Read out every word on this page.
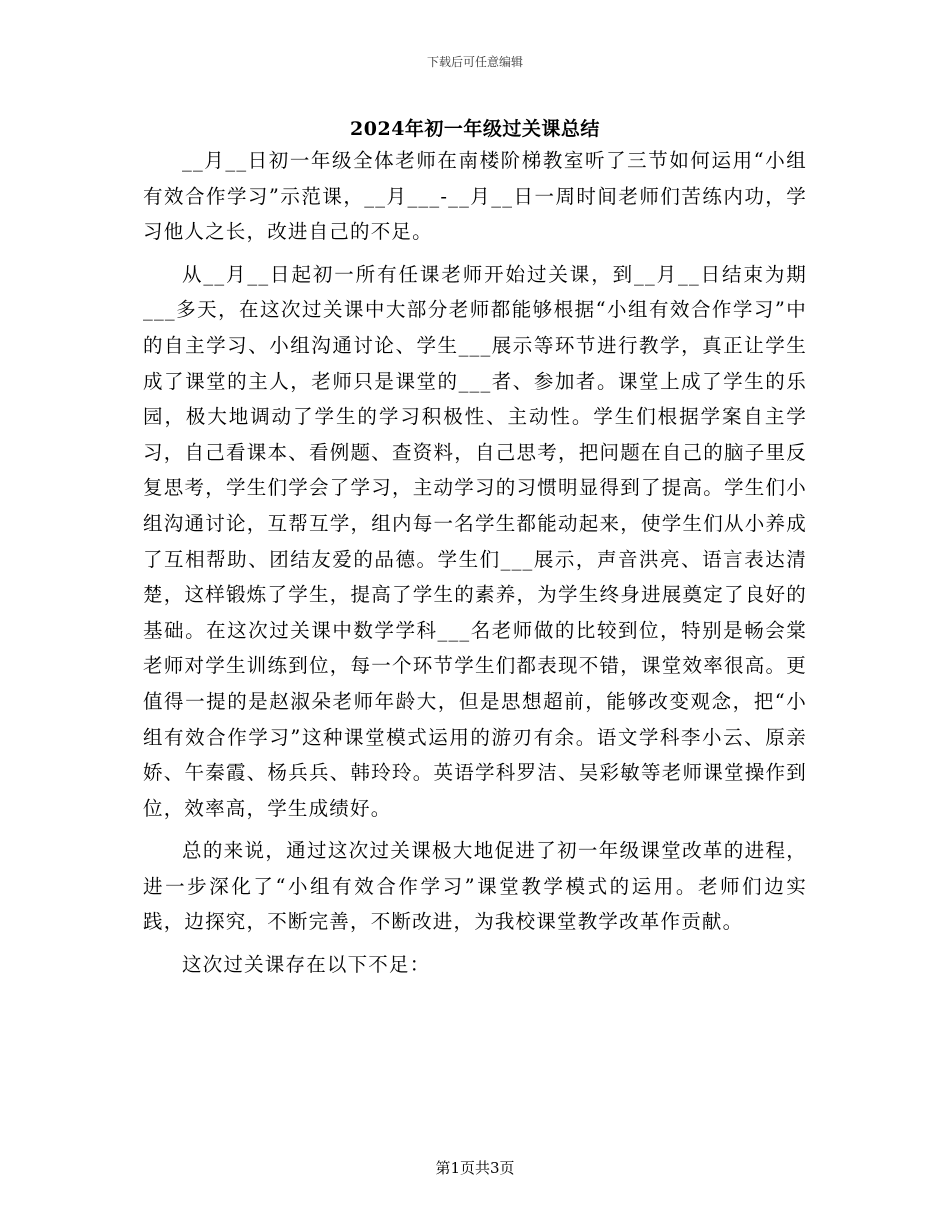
下载后可任意编辑
2024年初一年级过关课总结

__月__日初一年级全体老师在南楼阶梯教室听了三节如何运用“小组有效合作学习”示范课，__月___-__月__日一周时间老师们苦练内功，学习他人之长，改进自己的不足。

从__月__日起初一所有任课老师开始过关课，到__月__日结束为期___多天，在这次过关课中大部分老师都能够根据“小组有效合作学习”中的自主学习、小组沟通讨论、学生___展示等环节进行教学，真正让学生成了课堂的主人，老师只是课堂的___者、参加者。课堂上成了学生的乐园，极大地调动了学生的学习积极性、主动性。学生们根据学案自主学习，自己看课本、看例题、查资料，自己思考，把问题在自己的脑子里反复思考，学生们学会了学习，主动学习的习惯明显得到了提高。学生们小组沟通讨论，互帮互学，组内每一名学生都能动起来，使学生们从小养成了互相帮助、团结友爱的品德。学生们___展示，声音洪亮、语言表达清楚，这样锻炼了学生，提高了学生的素养，为学生终身进展奠定了良好的基础。在这次过关课中数学学科___名老师做的比较到位，特别是畅会棠老师对学生训练到位，每一个环节学生们都表现不错，课堂效率很高。更值得一提的是赵淑朵老师年龄大，但是思想超前，能够改变观念，把“小组有效合作学习”这种课堂模式运用的游刃有余。语文学科李小云、原亲娇、午秦霞、杨兵兵、韩玲玲。英语学科罗洁、吴彩敏等老师课堂操作到位，效率高，学生成绩好。

总的来说，通过这次过关课极大地促进了初一年级课堂改革的进程，进一步深化了“小组有效合作学习”课堂教学模式的运用。老师们边实践，边探究，不断完善，不断改进，为我校课堂教学改革作贡献。

这次过关课存在以下不足：

第1页共3页
